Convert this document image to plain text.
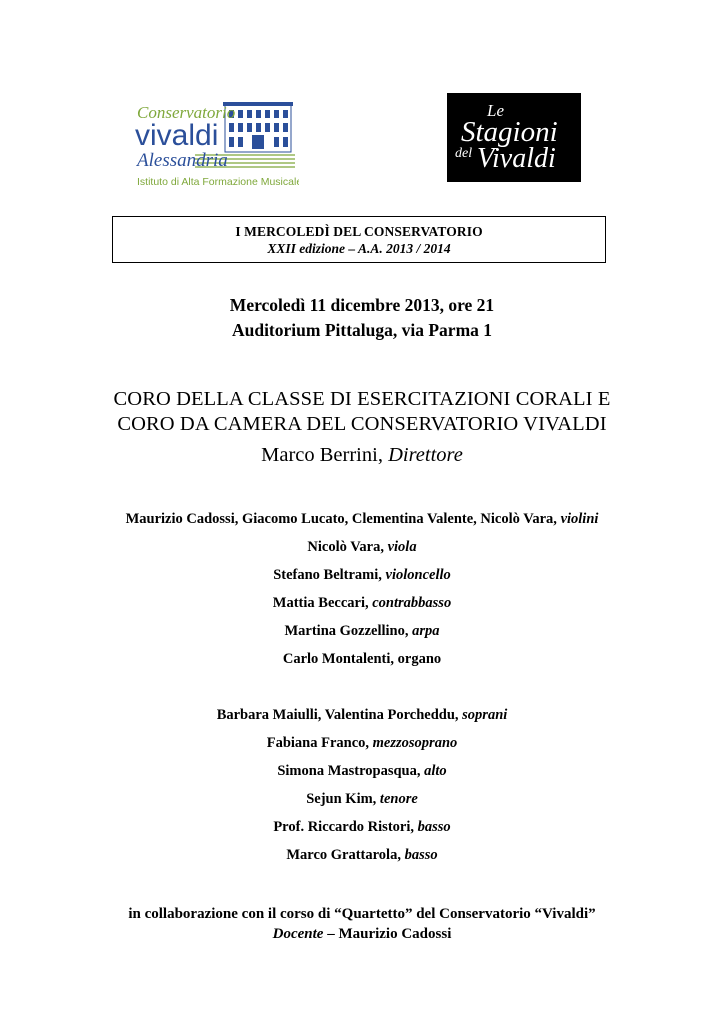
Conservatorio
vivaldi
Alessandria
Istituto di Alta Formazione Musicale
Le
Stagioni
del Vivaldi
I MERCOLEDÌ DEL CONSERVATORIO
XXII edizione – A.A. 2013 / 2014
Mercoledì 11 dicembre 2013, ore 21
Auditorium Pittaluga, via Parma 1
CORO DELLA CLASSE DI ESERCITAZIONI CORALI E
CORO DA CAMERA DEL CONSERVATORIO VIVALDI
Marco Berrini, Direttore
Maurizio Cadossi, Giacomo Lucato, Clementina Valente, Nicolò Vara, violini
Nicolò Vara, viola
Stefano Beltrami, violoncello
Mattia Beccari, contrabbasso
Martina Gozzellino, arpa
Carlo Montalenti, organo
Barbara Maiulli, Valentina Porcheddu, soprani
Fabiana Franco, mezzosoprano
Simona Mastropasqua, alto
Sejun Kim, tenore
Prof. Riccardo Ristori, basso
Marco Grattarola, basso
in collaborazione con il corso di “Quartetto” del Conservatorio “Vivaldi”
Docente – Maurizio Cadossi
